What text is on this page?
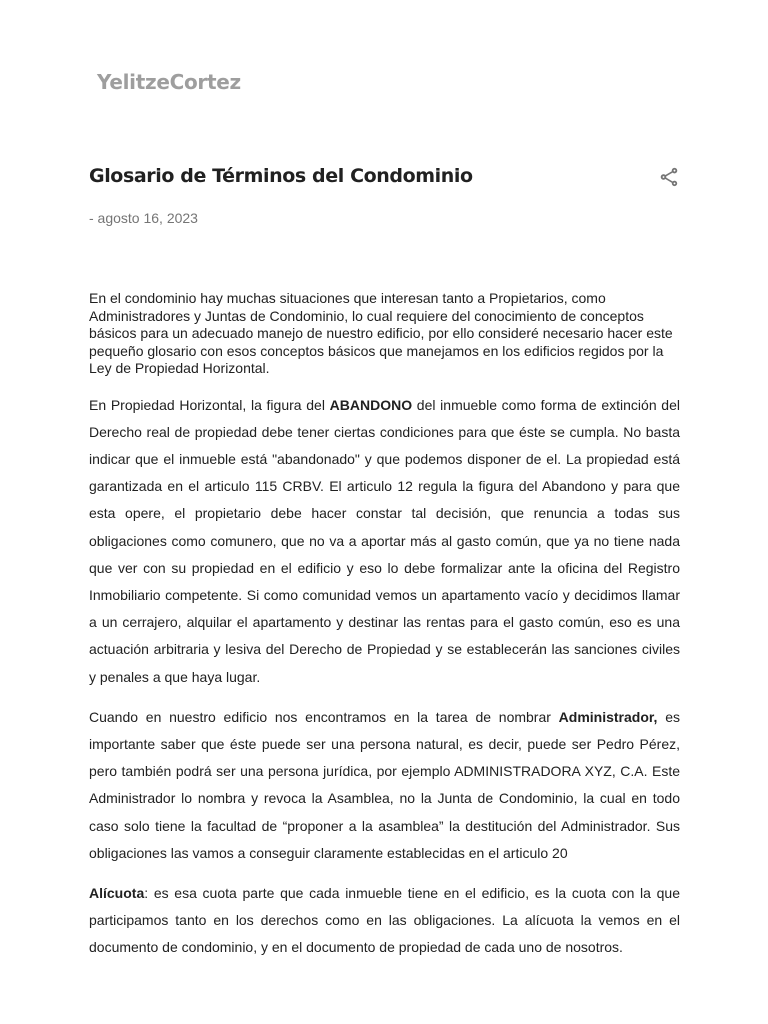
YelitzeCortez
Glosario de Términos del Condominio
- agosto 16, 2023

En el condominio hay muchas situaciones que interesan tanto a Propietarios, como Administradores y Juntas de Condominio, lo cual requiere del conocimiento de conceptos básicos para un adecuado manejo de nuestro edificio, por ello consideré necesario hacer este pequeño glosario con esos conceptos básicos que manejamos en los edificios regidos por la Ley de Propiedad Horizontal.

En Propiedad Horizontal, la figura del ABANDONO del inmueble como forma de extinción del Derecho real de propiedad debe tener ciertas condiciones para que éste se cumpla. No basta indicar que el inmueble está "abandonado" y que podemos disponer de el. La propiedad está garantizada en el articulo 115 CRBV. El articulo 12 regula la figura del Abandono y para que esta opere, el propietario debe hacer constar tal decisión, que renuncia a todas sus obligaciones como comunero, que no va a aportar más al gasto común, que ya no tiene nada que ver con su propiedad en el edificio y eso lo debe formalizar ante la oficina del Registro Inmobiliario competente. Si como comunidad vemos un apartamento vacío y decidimos llamar a un cerrajero, alquilar el apartamento y destinar las rentas para el gasto común, eso es una actuación arbitraria y lesiva del Derecho de Propiedad y se establecerán las sanciones civiles y penales a que haya lugar.

Cuando en nuestro edificio nos encontramos en la tarea de nombrar Administrador, es importante saber que éste puede ser una persona natural, es decir, puede ser Pedro Pérez, pero también podrá ser una persona jurídica, por ejemplo ADMINISTRADORA XYZ, C.A. Este Administrador lo nombra y revoca la Asamblea, no la Junta de Condominio, la cual en todo caso solo tiene la facultad de “proponer a la asamblea” la destitución del Administrador. Sus obligaciones las vamos a conseguir claramente establecidas en el articulo 20

Alícuota: es esa cuota parte que cada inmueble tiene en el edificio, es la cuota con la que participamos tanto en los derechos como en las obligaciones. La alícuota la vemos en el documento de condominio, y en el documento de propiedad de cada uno de nosotros.
